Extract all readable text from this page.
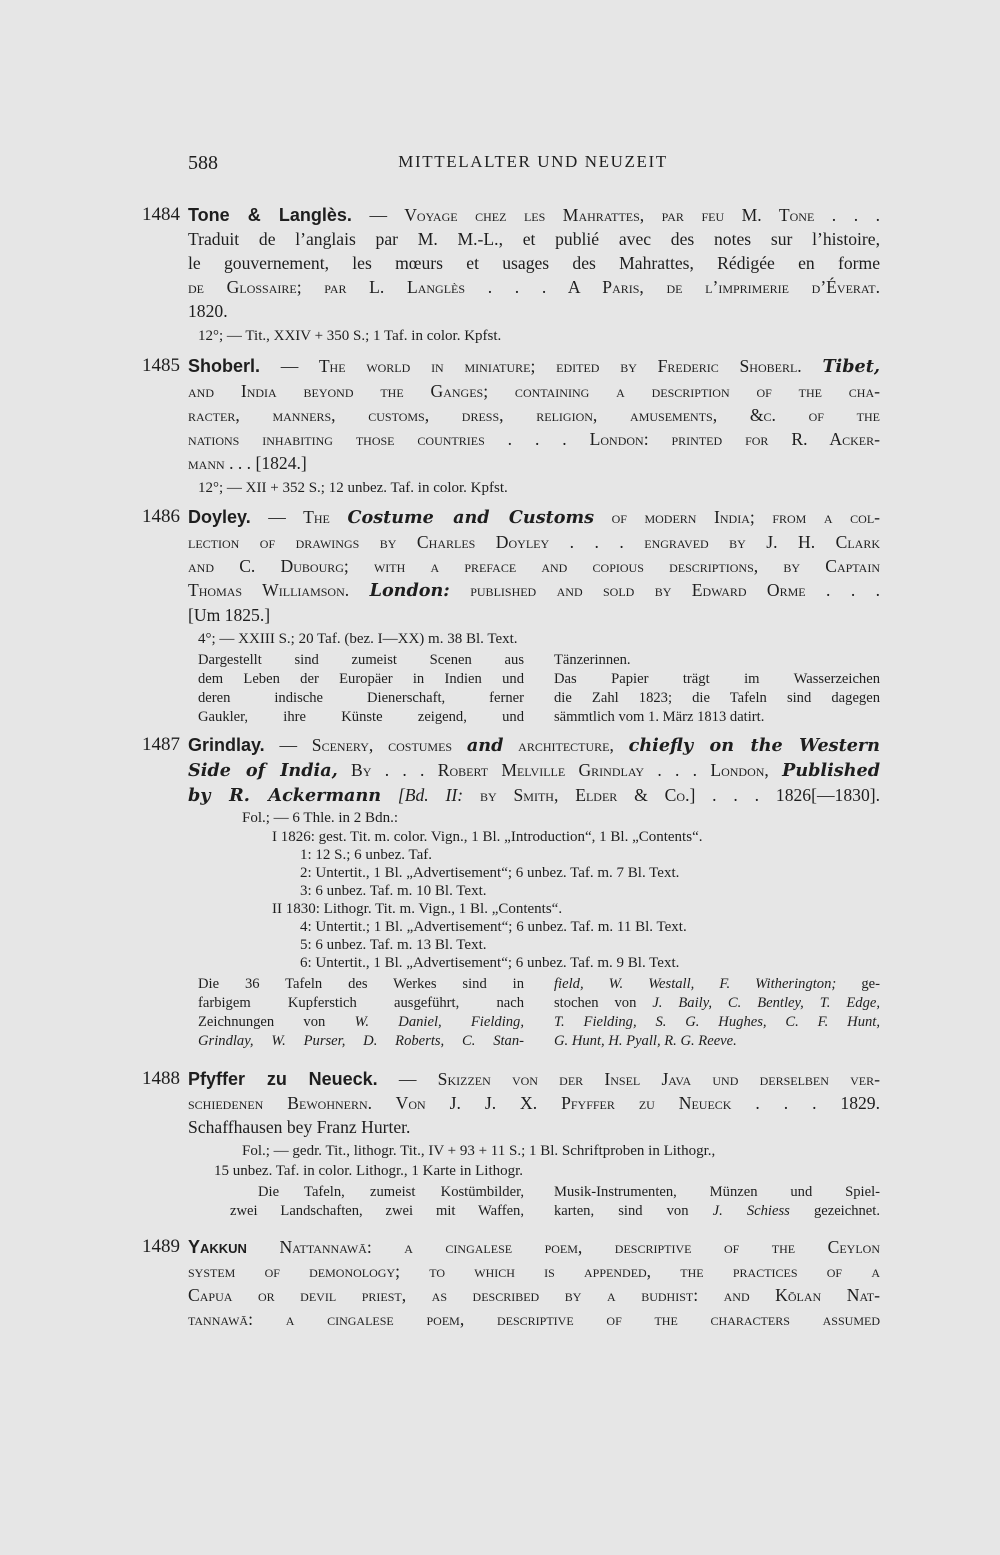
588	MITTELALTER UND NEUZEIT
1484 Tone & Langlès. — Voyage chez les Mahrattes, par feu M. Tone . . .
Traduit de l’anglais par M. M.-L., et publié avec des notes sur l’histoire,
le gouvernement, les mœurs et usages des Mahrattes, Rédigée en forme
de Glossaire; par L. Langlès . . . A Paris, de l’imprimerie d’Éverat.
1820.
12°; — Tit., XXIV + 350 S.; 1 Taf. in color. Kpfst.
1485 Shoberl. — The world in miniature; edited by Frederic Shoberl. Tibet,
and India beyond the Ganges; containing a description of the cha-
racter, manners, customs, dress, religion, amusements, &c. of the
nations inhabiting those countries . . . London: printed for R. Acker-
mann . . . [1824.]
12°; — XII + 352 S.; 12 unbez. Taf. in color. Kpfst.
1486 Doyley. — The Costume and Customs of modern India; from a col-
lection of drawings by Charles Doyley . . . engraved by J. H. Clark
and C. Dubourg; with a preface and copious descriptions, by Captain
Thomas Williamson. London: published and sold by Edward Orme . . .
[Um 1825.]
4°; — XXIII S.; 20 Taf. (bez. I—XX) m. 38 Bl. Text.
Dargestellt sind zumeist Scenen aus
dem Leben der Europäer in Indien und
deren indische Dienerschaft, ferner
Gaukler, ihre Künste zeigend, und
Tänzerinnen.
Das Papier trägt im Wasserzeichen
die Zahl 1823; die Tafeln sind dagegen
sämmtlich vom 1. März 1813 datirt.
1487 Grindlay. — Scenery, costumes and architecture, chiefly on the Western
Side of India, By . . . Robert Melville Grindlay . . . London, Published
by R. Ackermann [Bd. II: by Smith, Elder & Co.] . . . 1826[—1830].
Fol.; — 6 Thle. in 2 Bdn.:
I 1826: gest. Tit. m. color. Vign., 1 Bl. „Introduction“, 1 Bl. „Contents“.
1: 12 S.; 6 unbez. Taf.
2: Untertit., 1 Bl. „Advertisement“; 6 unbez. Taf. m. 7 Bl. Text.
3: 6 unbez. Taf. m. 10 Bl. Text.
II 1830: Lithogr. Tit. m. Vign., 1 Bl. „Contents“.
4: Untertit.; 1 Bl. „Advertisement“; 6 unbez. Taf. m. 11 Bl. Text.
5: 6 unbez. Taf. m. 13 Bl. Text.
6: Untertit., 1 Bl. „Advertisement“; 6 unbez. Taf. m. 9 Bl. Text.
Die 36 Tafeln des Werkes sind in
farbigem Kupferstich ausgeführt, nach
Zeichnungen von W. Daniel, Fielding,
Grindlay, W. Purser, D. Roberts, C. Stan-
field, W. Westall, F. Witherington; ge-
stochen von J. Baily, C. Bentley, T. Edge,
T. Fielding, S. G. Hughes, C. F. Hunt,
G. Hunt, H. Pyall, R. G. Reeve.
1488 Pfyffer zu Neueck. — Skizzen von der Insel Java und derselben ver-
schiedenen Bewohnern. Von J. J. X. Pfyffer zu Neueck . . . 1829.
Schaffhausen bey Franz Hurter.
Fol.; — gedr. Tit., lithogr. Tit., IV + 93 + 11 S.; 1 Bl. Schriftproben in Lithogr.,
15 unbez. Taf. in color. Lithogr., 1 Karte in Lithogr.
Die Tafeln, zumeist Kostümbilder,
zwei Landschaften, zwei mit Waffen,
Musik-Instrumenten, Münzen und Spiel-
karten, sind von J. Schiess gezeichnet.
1489 Yakkun Nattannawā: a cingalese poem, descriptive of the Ceylon
system of demonology; to which is appended, the practices of a
Capua or devil priest, as described by a budhist: and Kōlan Nat-
tannawā: a cingalese poem, descriptive of the characters assumed
